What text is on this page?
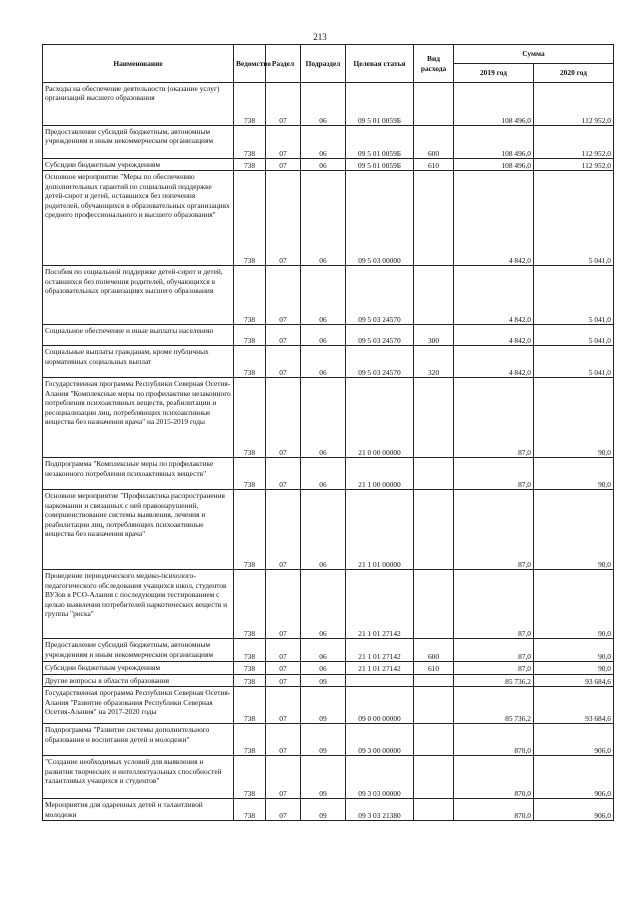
213
Наименование	Ведомство	Раздел	Подраздел	Целевая статья	Вид расхода	Сумма	
						2019 год	2020 год
Расходы на обеспечение деятельности (оказание услуг) организаций высшего образования	738	07	06	09 5 01 0059Б		108 496,0	112 952,0
Предоставление субсидий бюджетным, автономным учреждениям и иным некоммерческим организациям	738	07	06	09 5 01 0059Б	600	108 496,0	112 952,0
Субсидии бюджетным учреждениям	738	07	06	09 5 01 0059Б	610	108 496,0	112 952,0
Основное мероприятие "Меры по обеспечению дополнительных гарантий по социальной поддержке детей-сирот и детей, оставшихся без попечения родителей, обучающихся в образовательных организациях среднего профессионального и высшего образования"	738	07	06	09 5 03 00000		4 842,0	5 041,0
Пособия по социальной поддержке детей-сирот и детей, оставшихся без попечения родителей, обучающихся в образовательных организациях высшего образования	738	07	06	09 5 03 24570		4 842,0	5 041,0
Социальное обеспечение и иные выплаты населению	738	07	06	09 5 03 24570	300	4 842,0	5 041,0
Социальные выплаты гражданам, кроме публичных нормативных социальных выплат	738	07	06	09 5 03 24570	320	4 842,0	5 041,0
Государственная программа Республики Северная Осетия-Алания "Комплексные меры по профилактике незаконного потребления психоактивных веществ, реабилитации и ресоциализации лиц, потребляющих психоактивные вещества без назначения врача" на 2015-2019 годы	738	07	06	21 0 00 00000		87,0	90,0
Подпрограмма "Комплексные меры по профилактике незаконного потребления психоактивных веществ"	738	07	06	21 1 00 00000		87,0	90,0
Основное мероприятие "Профилактика распространения наркомании и связанных с ней правонарушений, совершенствование системы выявления, лечения и реабилитации лиц, потребляющих психоактивные вещества без назначения врача"	738	07	06	21 1 01 00000		87,0	90,0
Проведение периодического медико-психолого-педагогического обследования учащихся школ, студентов ВУЗов в РСО-Алания с последующим тестированием с целью выявления потребителей наркотических веществ и группы "риска"	738	07	06	21 1 01 27142		87,0	90,0
Предоставление субсидий бюджетным, автономным учреждениям и иным некоммерческим организациям	738	07	06	21 1 01 27142	600	87,0	90,0
Субсидии бюджетным учреждениям	738	07	06	21 1 01 27142	610	87,0	90,0
Другие вопросы в области образования	738	07	09			85 736,2	93 684,6
Государственная программа Республики Северная Осетия-Алания "Развитие образования Республики Северная Осетия-Алания" на 2017-2020 годы	738	07	09	09 0 00 00000		85 736,2	93 684,6
Подпрограмма "Развитие системы дополнительного образования и воспитания детей и молодежи"	738	07	09	09 3 00 00000		870,0	906,0
"Создание необходимых условий для выявления и развития творческих и интеллектуальных способностей талантливых учащихся и студентов"	738	07	09	09 3 03 00000		870,0	906,0
Мероприятия для одаренных детей и талантливой молодежи	738	07	09	09 3 03 21380		870,0	906,0
